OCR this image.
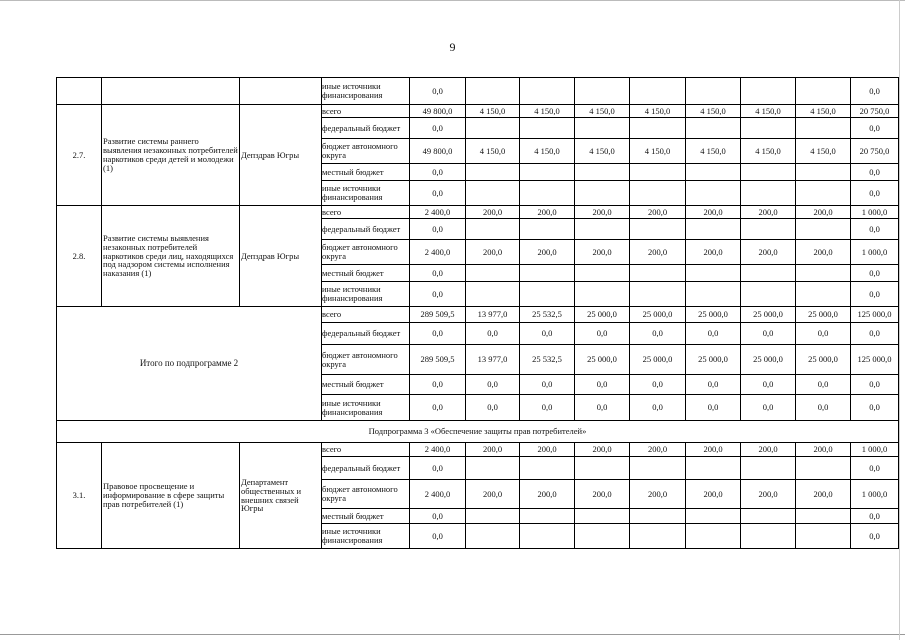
9
			иные источники финансирования	0,0								0,0
2.7.	Развитие системы раннего выявления незаконных потребителей наркотиков среди детей и молодежи (1)	Депздрав Югры	всего	49 800,0	4 150,0	4 150,0	4 150,0	4 150,0	4 150,0	4 150,0	4 150,0	20 750,0
			федеральный бюджет	0,0								0,0
			бюджет автономного округа	49 800,0	4 150,0	4 150,0	4 150,0	4 150,0	4 150,0	4 150,0	4 150,0	20 750,0
			местный бюджет	0,0								0,0
			иные источники финансирования	0,0								0,0
2.8.	Развитие системы выявления незаконных потребителей наркотиков среди лиц, находящихся под надзором системы исполнения наказания (1)	Депздрав Югры	всего	2 400,0	200,0	200,0	200,0	200,0	200,0	200,0	200,0	1 000,0
			федеральный бюджет	0,0								0,0
			бюджет автономного округа	2 400,0	200,0	200,0	200,0	200,0	200,0	200,0	200,0	1 000,0
			местный бюджет	0,0								0,0
			иные источники финансирования	0,0								0,0
Итого по подпрограмме 2			всего	289 509,5	13 977,0	25 532,5	25 000,0	25 000,0	25 000,0	25 000,0	25 000,0	125 000,0
			федеральный бюджет	0,0	0,0	0,0	0,0	0,0	0,0	0,0	0,0	0,0
			бюджет автономного округа	289 509,5	13 977,0	25 532,5	25 000,0	25 000,0	25 000,0	25 000,0	25 000,0	125 000,0
			местный бюджет	0,0	0,0	0,0	0,0	0,0	0,0	0,0	0,0	0,0
			иные источники финансирования	0,0	0,0	0,0	0,0	0,0	0,0	0,0	0,0	0,0
Подпрограмма 3 «Обеспечение защиты прав потребителей»												
3.1.	Правовое просвещение и информирование в сфере защиты прав потребителей (1)	Департамент общественных и внешних связей Югры	всего	2 400,0	200,0	200,0	200,0	200,0	200,0	200,0	200,0	1 000,0
			федеральный бюджет	0,0								0,0
			бюджет автономного округа	2 400,0	200,0	200,0	200,0	200,0	200,0	200,0	200,0	1 000,0
			местный бюджет	0,0								0,0
			иные источники финансирования	0,0								0,0
